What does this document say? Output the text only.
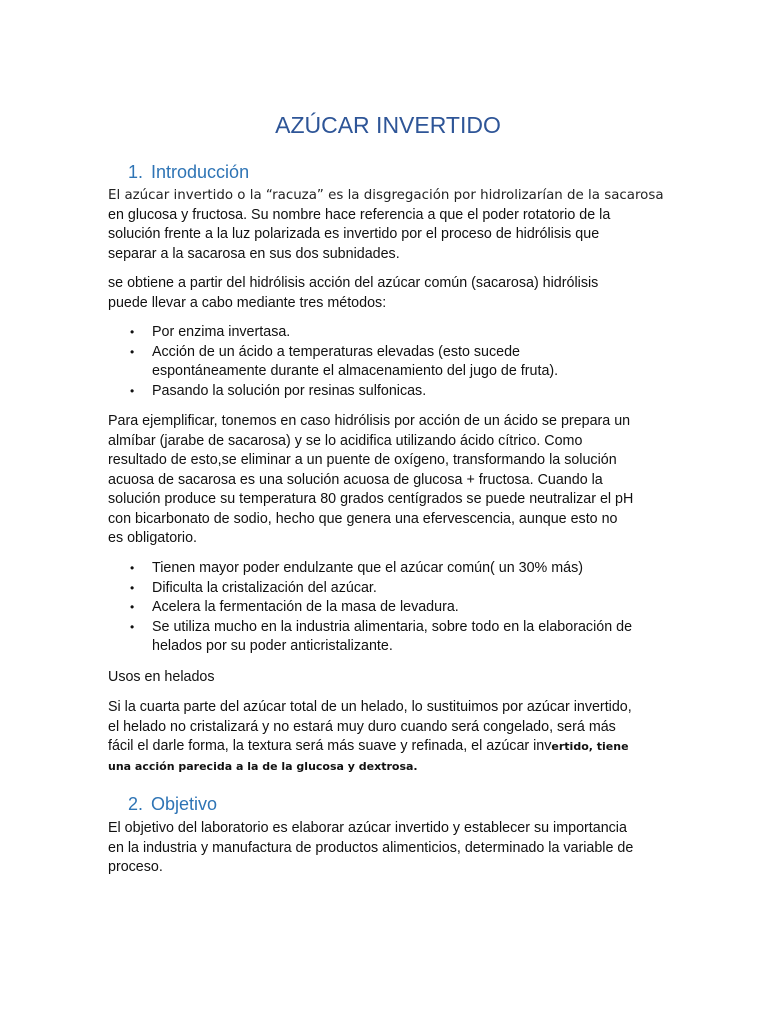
AZÚCAR INVERTIDO
1. Introducción

El azúcar invertido o la “racuza” es la disgregación por hidrolizarían de la sacarosa
en glucosa y fructosa. Su nombre hace referencia a que el poder rotatorio de la
solución frente a la luz polarizada es invertido por el proceso de hidrólisis que
separar a la sacarosa en sus dos subnidades.

se obtiene a partir del hidrólisis acción del azúcar común (sacarosa) hidrólisis
puede llevar a cabo mediante tres métodos:

• Por enzima invertasa.
• Acción de un ácido a temperaturas elevadas (esto sucede
espontáneamente durante el almacenamiento del jugo de fruta).
• Pasando la solución por resinas sulfonicas.

Para ejemplificar, tonemos en caso hidrólisis por acción de un ácido se prepara un
almíbar (jarabe de sacarosa) y se lo acidifica utilizando ácido cítrico. Como
resultado de esto,se eliminar a un puente de oxígeno, transformando la solución
acuosa de sacarosa es una solución acuosa de glucosa + fructosa. Cuando la
solución produce su temperatura 80 grados centígrados se puede neutralizar el pH
con bicarbonato de sodio, hecho que genera una efervescencia, aunque esto no
es obligatorio.

• Tienen mayor poder endulzante que el azúcar común( un 30% más)
• Dificulta la cristalización del azúcar.
• Acelera la fermentación de la masa de levadura.
• Se utiliza mucho en la industria alimentaria, sobre todo en la elaboración de
helados por su poder anticristalizante.

Usos en helados

Si la cuarta parte del azúcar total de un helado, lo sustituimos por azúcar invertido,
el helado no cristalizará y no estará muy duro cuando será congelado, será más
fácil el darle forma, la textura será más suave y refinada, el azúcar invertido, tiene
una acción parecida a la de la glucosa y dextrosa.

2. Objetivo

El objetivo del laboratorio es elaborar azúcar invertido y establecer su importancia
en la industria y manufactura de productos alimenticios, determinado la variable de
proceso.
